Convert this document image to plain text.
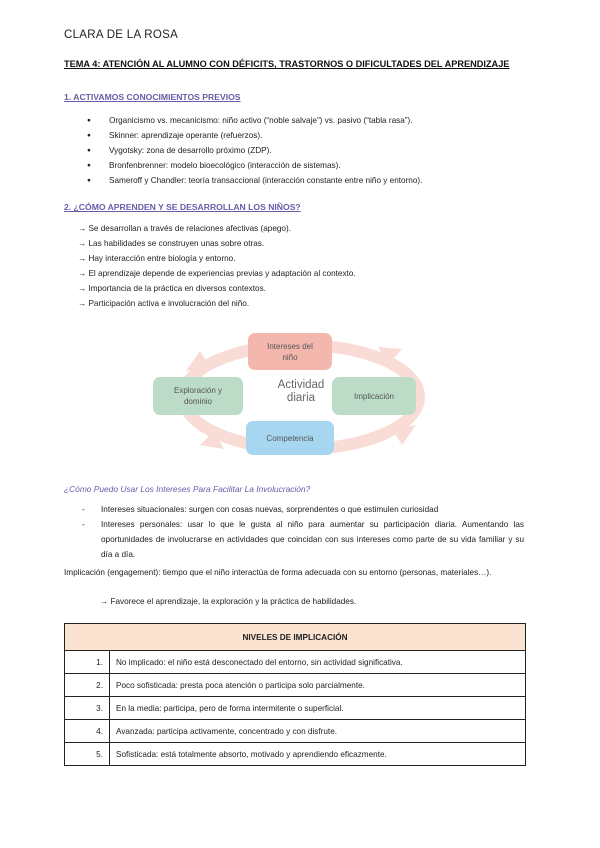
CLARA DE LA ROSA
TEMA 4: ATENCIÓN AL ALUMNO CON DÉFICITS, TRASTORNOS O DIFICULTADES DEL APRENDIZAJE
1. ACTIVAMOS CONOCIMIENTOS PREVIOS
● Organicismo vs. mecanicismo: niño activo (“noble salvaje”) vs. pasivo (“tabla rasa”).
● Skinner: aprendizaje operante (refuerzos).
● Vygotsky: zona de desarrollo próximo (ZDP).
● Bronfenbrenner: modelo bioecológico (interacción de sistemas).
● Sameroff y Chandler: teoría transaccional (interacción constante entre niño y entorno).
2. ¿CÓMO APRENDEN Y SE DESARROLLAN LOS NIÑOS?
→ Se desarrollan a través de relaciones afectivas (apego).
→ Las habilidades se construyen unas sobre otras.
→ Hay interacción entre biología y entorno.
→ El aprendizaje depende de experiencias previas y adaptación al contexto.
→ Importancia de la práctica en diversos contextos.
→ Participación activa e involucración del niño.
Intereses del
niño
Implicación
Competencia
Exploración y
dominio
Actividad
diaria
¿Cómo Puedo Usar Los Intereses Para Facilitar La Involucración?
- Intereses situacionales: surgen con cosas nuevas, sorprendentes o que estimulen curiosidad
- Intereses personales: usar lo que le gusta al niño para aumentar su participación diaria. Aumentando las oportunidades de involucrarse en actividades que coincidan con sus intereses como parte de su vida familiar y su día a día.
Implicación (engagement): tiempo que el niño interactúa de forma adecuada con su entorno (personas, materiales…).
→ Favorece el aprendizaje, la exploración y la práctica de habilidades.
NIVELES DE IMPLICACIÓN	
1.	No implicado: el niño está desconectado del entorno, sin actividad significativa.
2.	Poco sofisticada: presta poca atención o participa solo parcialmente.
3.	En la media: participa, pero de forma intermitente o superficial.
4.	Avanzada: participa activamente, concentrado y con disfrute.
5.	Sofisticada: está totalmente absorto, motivado y aprendiendo eficazmente.
